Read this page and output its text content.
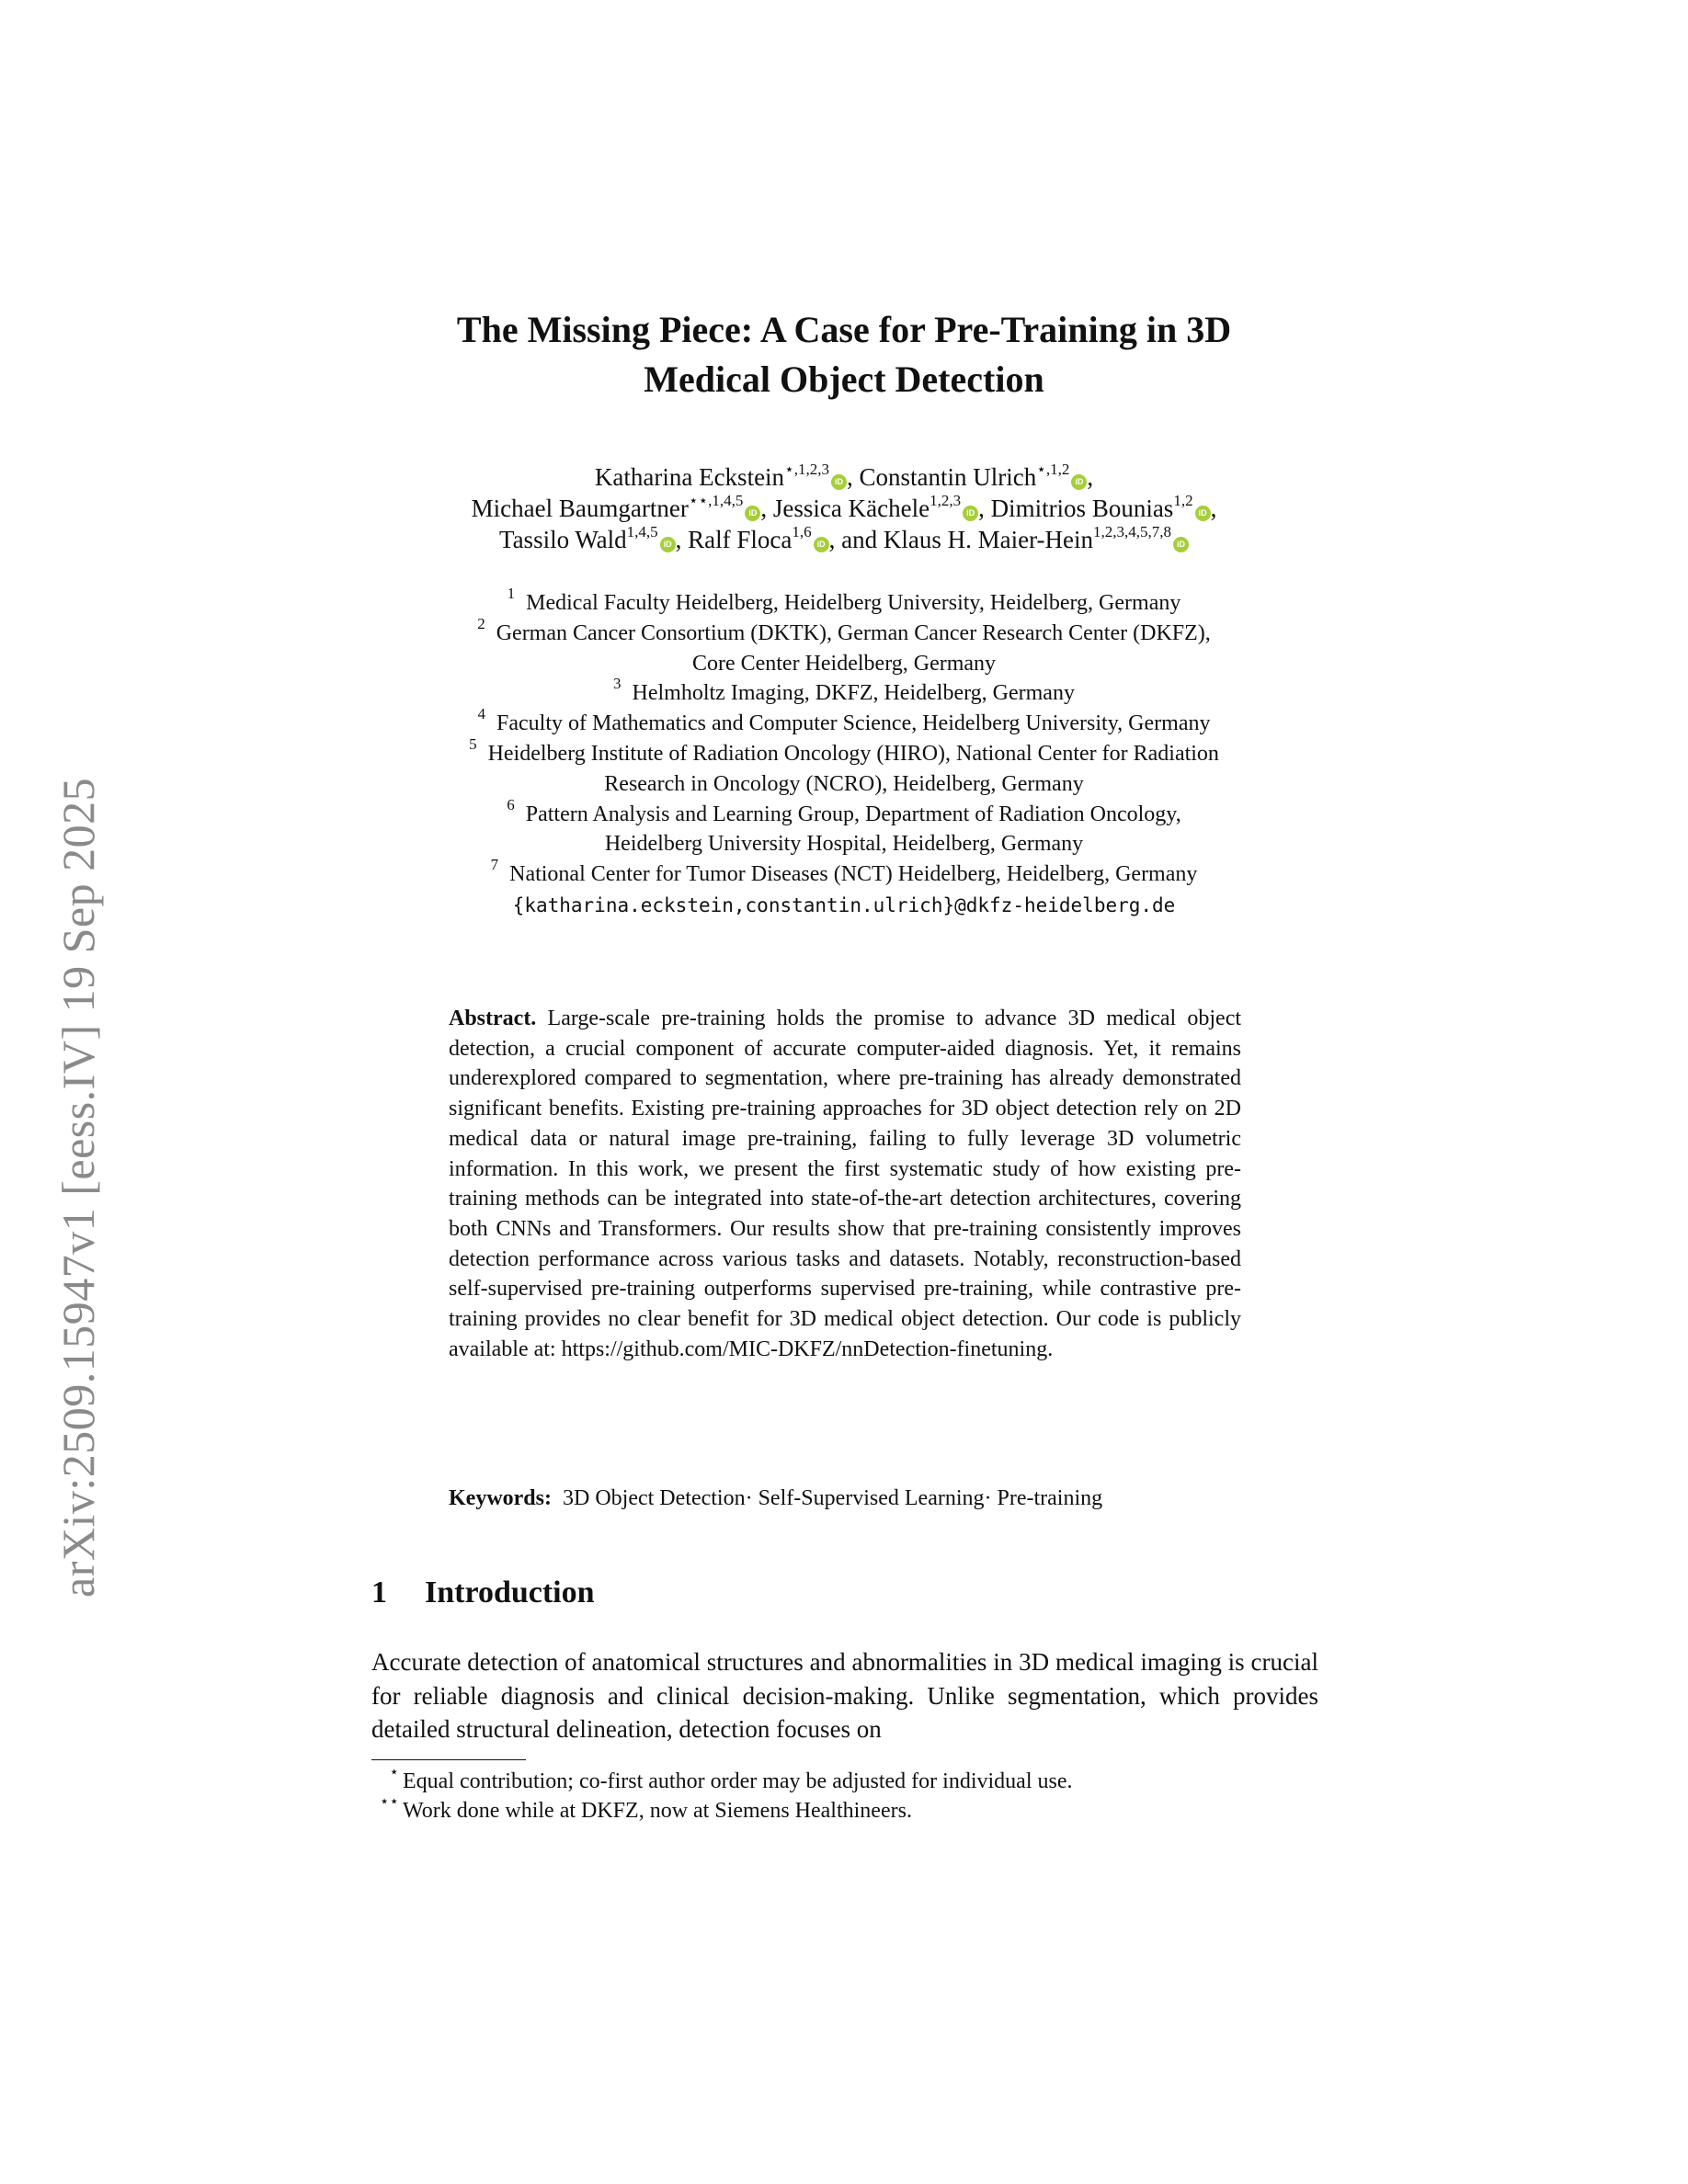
arXiv:2509.15947v1 [eess.IV] 19 Sep 2025
The Missing Piece: A Case for Pre-Training in 3D
Medical Object Detection
Katharina Eckstein$^{⋆,1,2,3}$iD , Constantin Ulrich$^{⋆,1,2}$iD ,
Michael Baumgartner$^{⋆⋆,1,4,5}$iD , Jessica Kächele$^{1,2,3}$iD , Dimitrios Bounias$^{1,2}$iD ,
Tassilo Wald$^{1,4,5}$iD , Ralf Floca$^{1,6}$iD , and Klaus H. Maier-Hein$^{1,2,3,4,5,7,8}$iD
$^1$ Medical Faculty Heidelberg, Heidelberg University, Heidelberg, Germany
$^2$ German Cancer Consortium (DKTK), German Cancer Research Center (DKFZ),
Core Center Heidelberg, Germany
$^3$ Helmholtz Imaging, DKFZ, Heidelberg, Germany
$^4$ Faculty of Mathematics and Computer Science, Heidelberg University, Germany
$^5$ Heidelberg Institute of Radiation Oncology (HIRO), National Center for Radiation
Research in Oncology (NCRO), Heidelberg, Germany
$^6$ Pattern Analysis and Learning Group, Department of Radiation Oncology,
Heidelberg University Hospital, Heidelberg, Germany
$^7$ National Center for Tumor Diseases (NCT) Heidelberg, Heidelberg, Germany
{katharina.eckstein,constantin.ulrich}@dkfz-heidelberg.de
Abstract. Large-scale pre-training holds the promise to advance 3D medical object detection, a crucial component of accurate computer-aided diagnosis. Yet, it remains underexplored compared to segmentation, where pre-training has already demonstrated significant benefits. Existing pre-training approaches for 3D object detection rely on 2D medical data or natural image pre-training, failing to fully leverage 3D volumetric information. In this work, we present the first systematic study of how existing pre-training methods can be integrated into state-of-the-art detection architectures, covering both CNNs and Transformers. Our results show that pre-training consistently improves detection performance across various tasks and datasets. Notably, reconstruction-based self-supervised pre-training outperforms supervised pre-training, while contrastive pre-training provides no clear benefit for 3D medical object detection. Our code is publicly available at: https://github.com/MIC-DKFZ/nnDetection-finetuning.
Keywords: 3D Object Detection· Self-Supervised Learning· Pre-training
1 Introduction
Accurate detection of anatomical structures and abnormalities in 3D medical imaging is crucial for reliable diagnosis and clinical decision-making. Unlike segmentation, which provides detailed structural delineation, detection focuses on
⋆ Equal contribution; co-first author order may be adjusted for individual use.
⋆⋆ Work done while at DKFZ, now at Siemens Healthineers.
